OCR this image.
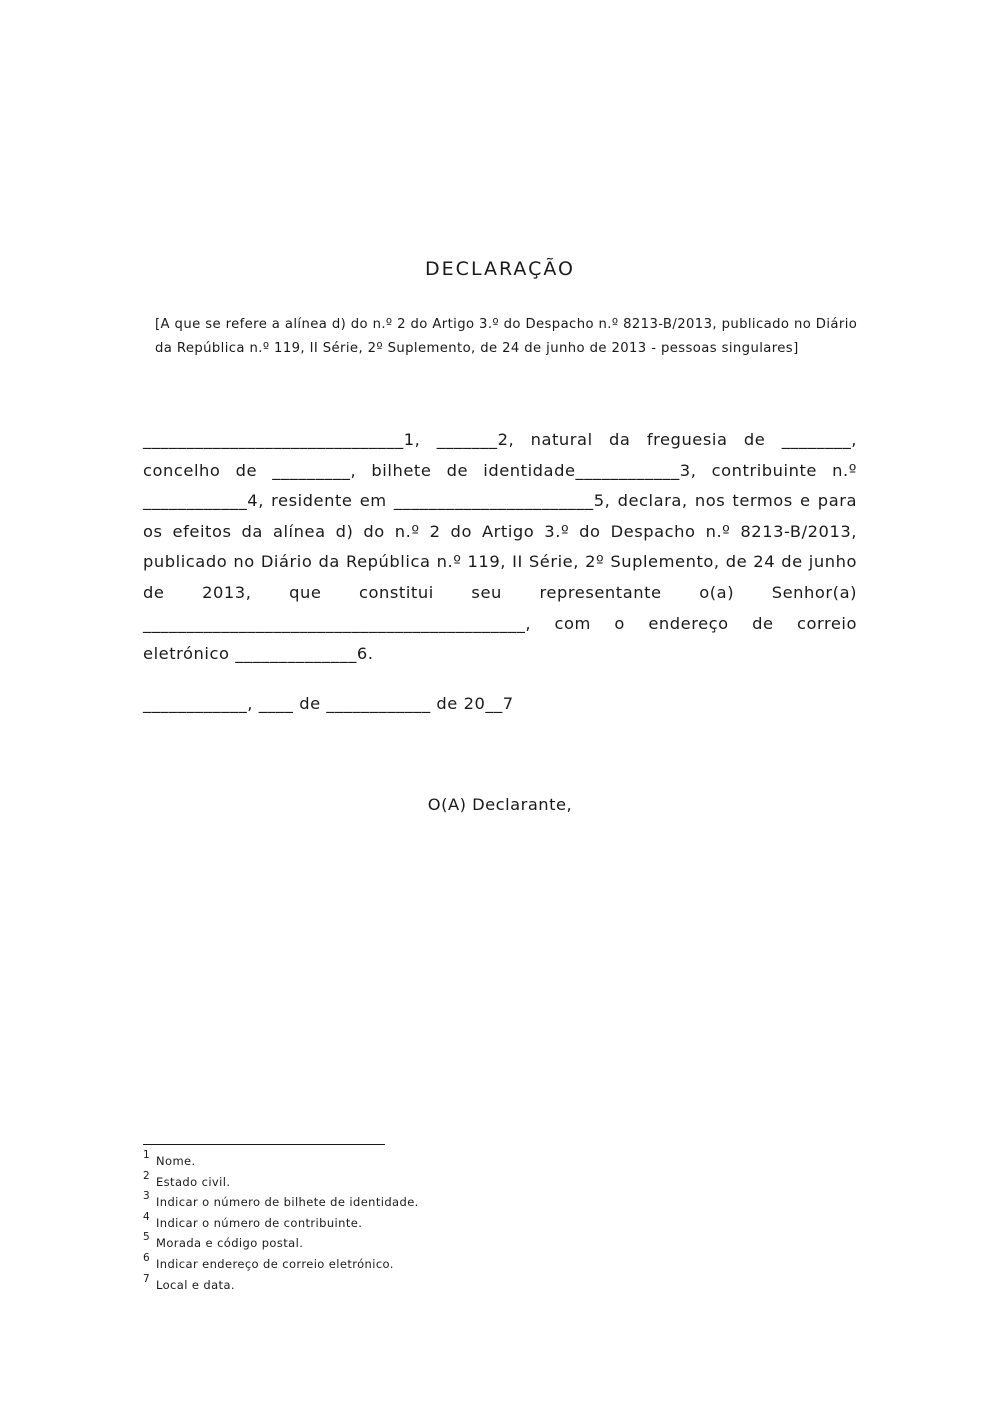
DECLARAÇÃO

[A que se refere a alínea d) do n.º 2 do Artigo 3.º do Despacho n.º 8213-B/2013, publicado no Diário da República n.º 119, II Série, 2º Suplemento, de 24 de junho de 2013 - pessoas singulares]

______________________________1, _______2, natural da freguesia de ________, concelho de _________, bilhete de identidade____________3, contribuinte n.º ____________4, residente em _______________________5, declara, nos termos e para os efeitos da alínea d) do n.º 2 do Artigo 3.º do Despacho n.º 8213-B/2013, publicado no Diário da República n.º 119, II Série, 2º Suplemento, de 24 de junho de 2013, que constitui seu representante o(a) Senhor(a) ____________________________________________, com o endereço de correio eletrónico ______________6.

____________, ____ de ____________ de 20__7

O(A) Declarante,

1 Nome.
2 Estado civil.
3 Indicar o número de bilhete de identidade.
4 Indicar o número de contribuinte.
5 Morada e código postal.
6 Indicar endereço de correio eletrónico.
7 Local e data.
